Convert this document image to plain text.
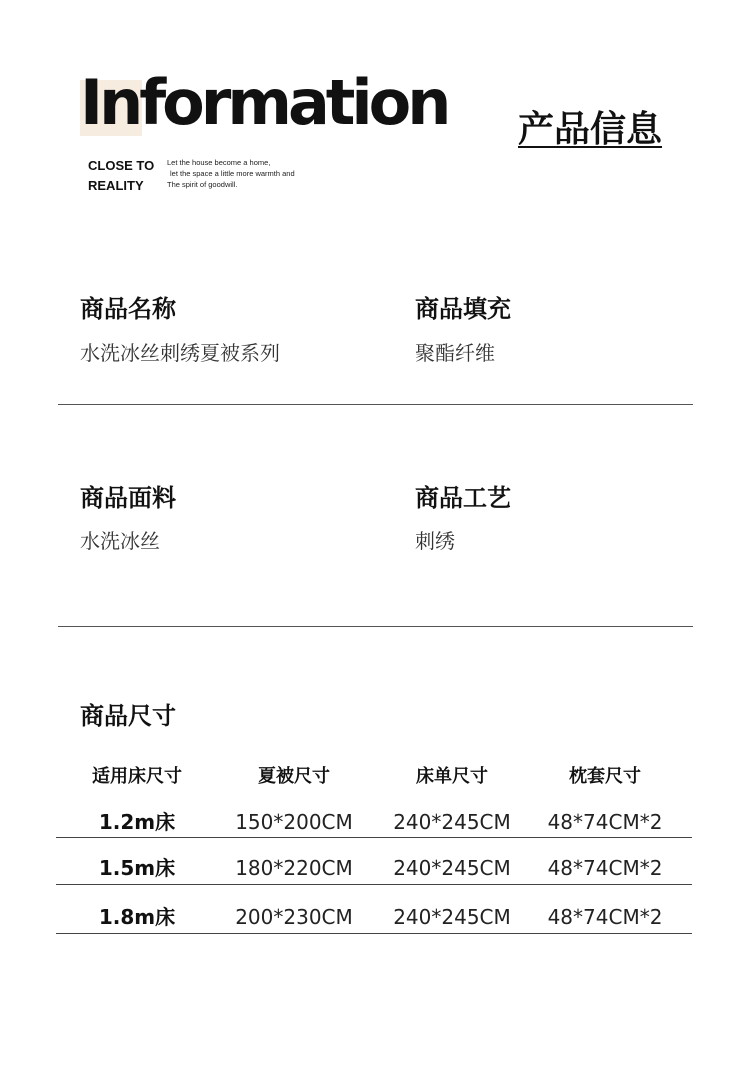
Information 产品信息
CLOSE TO
REALITY
Let the house become a home,
let the space a little more warmth and
The spirit of goodwill.
商品名称
水洗冰丝刺绣夏被系列
商品填充
聚酯纤维
商品面料
水洗冰丝
商品工艺
刺绣
商品尺寸
适用床尺寸	夏被尺寸	床单尺寸	枕套尺寸
1.2m床	150*200CM	240*245CM	48*74CM*2
1.5m床	180*220CM	240*245CM	48*74CM*2
1.8m床	200*230CM	240*245CM	48*74CM*2
